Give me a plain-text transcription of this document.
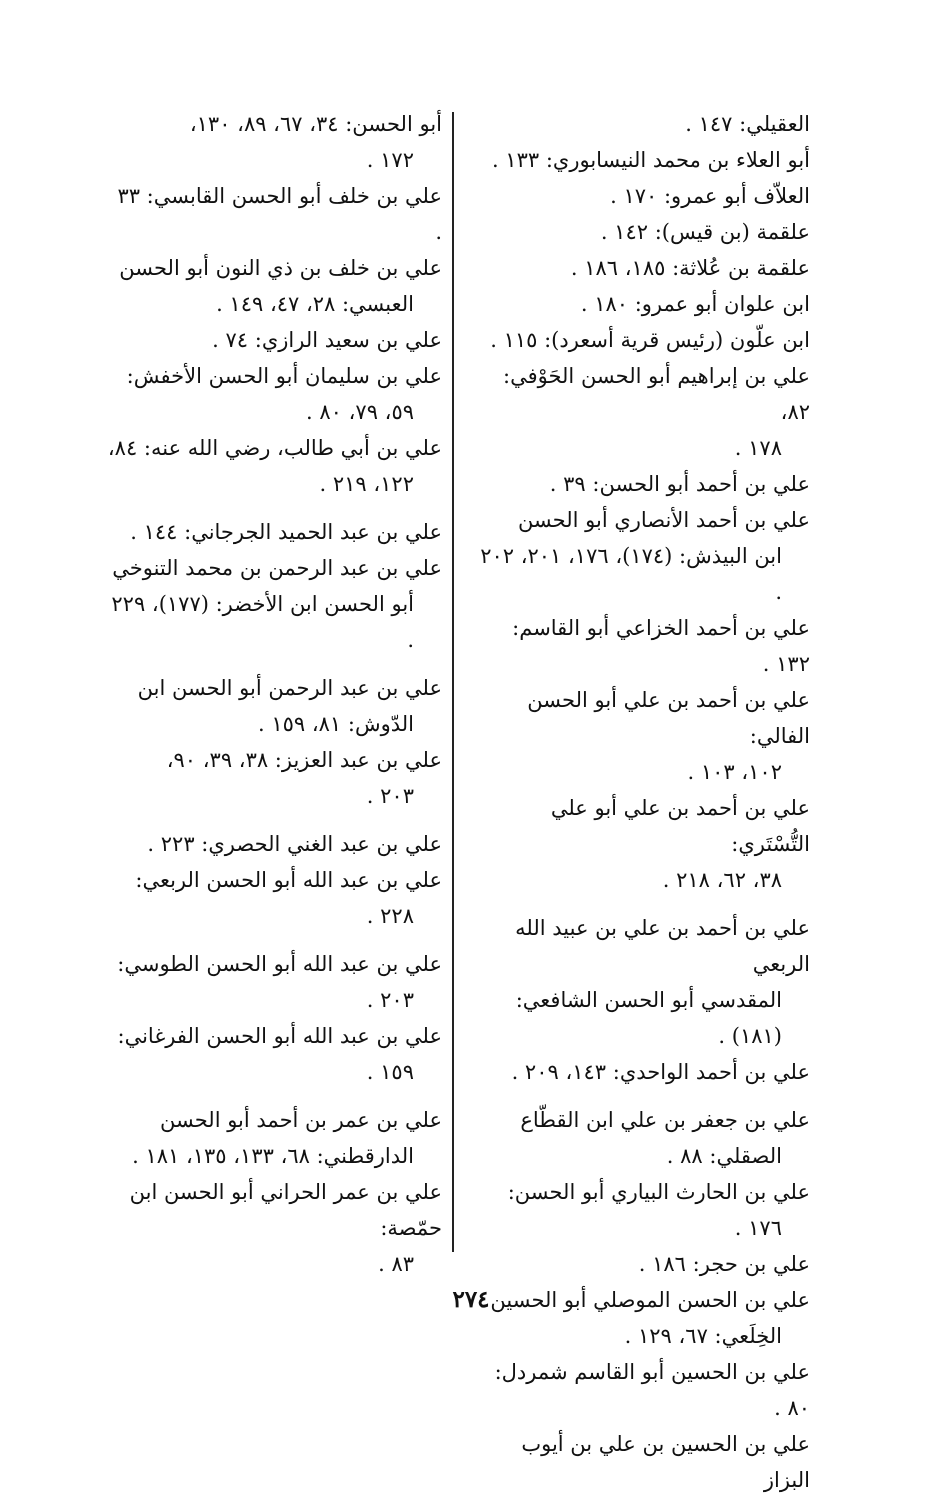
العقيلي: ١٤٧ .

أبو العلاء بن محمد النيسابوري: ١٣٣ .

العلاّف أبو عمرو: ١٧٠ .

علقمة (بن قيس): ١٤٢ .

علقمة بن عُلاثة: ١٨٥، ١٨٦ .

ابن علوان أبو عمرو: ١٨٠ .

ابن علّون (رئيس قرية أسعرد): ١١٥ .

علي بن إبراهيم أبو الحسن الحَوْفي: ٨٢،
١٧٨ .

علي بن أحمد أبو الحسن: ٣٩ .

علي بن أحمد الأنصاري أبو الحسن
ابن البيذش: (١٧٤)، ١٧٦، ٢٠١، ٢٠٢ .

علي بن أحمد الخزاعي أبو القاسم: ١٣٢ .

علي بن أحمد بن علي أبو الحسن الفالي:
١٠٢، ١٠٣ .

علي بن أحمد بن علي أبو علي التُّسْتَري:
٣٨، ٦٢، ٢١٨ .

علي بن أحمد بن علي بن عبيد الله الربعي
المقدسي أبو الحسن الشافعي: (١٨١) .

علي بن أحمد الواحدي: ١٤٣، ٢٠٩ .

علي بن جعفر بن علي ابن القطّاع
الصقلي: ٨٨ .

علي بن الحارث البياري أبو الحسن:
١٧٦ .

علي بن حجر: ١٨٦ .

علي بن الحسن الموصلي أبو الحسين
الخِلَعي: ٦٧، ١٢٩ .

علي بن الحسين أبو القاسم شمردل: ٨٠ .

علي بن الحسين بن علي بن أيوب البزاز

أبو الحسن: ٣٤، ٦٧، ٨٩، ١٣٠،
١٧٢ .

علي بن خلف أبو الحسن القابسي: ٣٣ .

علي بن خلف بن ذي النون أبو الحسن
العبسي: ٢٨، ٤٧، ١٤٩ .

علي بن سعيد الرازي: ٧٤ .

علي بن سليمان أبو الحسن الأخفش:
٥٩، ٧٩، ٨٠ .

علي بن أبي طالب، رضي الله عنه: ٨٤،
١٢٢، ٢١٩ .

علي بن عبد الحميد الجرجاني: ١٤٤ .

علي بن عبد الرحمن بن محمد التنوخي
أبو الحسن ابن الأخضر: (١٧٧)، ٢٢٩ .

علي بن عبد الرحمن أبو الحسن ابن
الدّوش: ٨١، ١٥٩ .

علي بن عبد العزيز: ٣٨، ٣٩، ٩٠،
٢٠٣ .

علي بن عبد الغني الحصري: ٢٢٣ .

علي بن عبد الله أبو الحسن الربعي:
٢٢٨ .

علي بن عبد الله أبو الحسن الطوسي:
٢٠٣ .

علي بن عبد الله أبو الحسن الفرغاني:
١٥٩ .

علي بن عمر بن أحمد أبو الحسن
الدارقطني: ٦٨، ١٣٣، ١٣٥، ١٨١ .

علي بن عمر الحراني أبو الحسن ابن حمّصة:
٨٣ .

٢٧٤
